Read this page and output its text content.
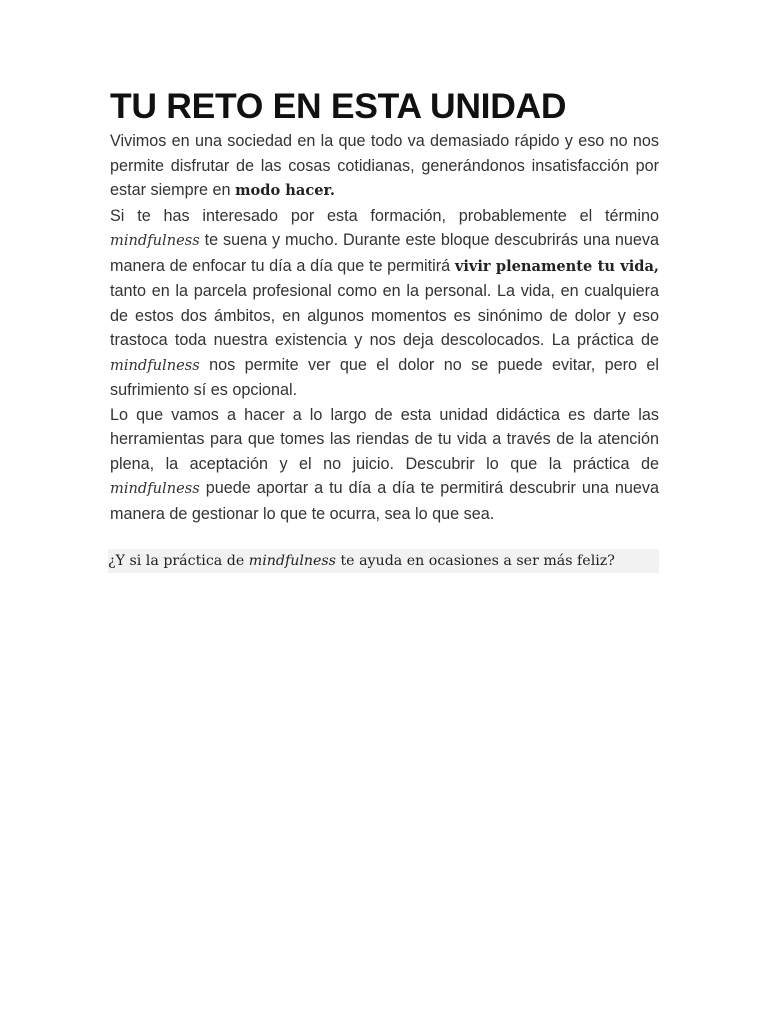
TU RETO EN ESTA UNIDAD

Vivimos en una sociedad en la que todo va demasiado rápido y eso no nos permite disfrutar de las cosas cotidianas, generándonos insatisfacción por estar siempre en modo hacer.

Si te has interesado por esta formación, probablemente el término mindfulness te suena y mucho. Durante este bloque descubrirás una nueva manera de enfocar tu día a día que te permitirá vivir plenamente tu vida, tanto en la parcela profesional como en la personal. La vida, en cualquiera de estos dos ámbitos, en algunos momentos es sinónimo de dolor y eso trastoca toda nuestra existencia y nos deja descolocados. La práctica de mindfulness nos permite ver que el dolor no se puede evitar, pero el sufrimiento sí es opcional.

Lo que vamos a hacer a lo largo de esta unidad didáctica es darte las herramientas para que tomes las riendas de tu vida a través de la atención plena, la aceptación y el no juicio. Descubrir lo que la práctica de mindfulness puede aportar a tu día a día te permitirá descubrir una nueva manera de gestionar lo que te ocurra, sea lo que sea.

¿Y si la práctica de mindfulness te ayuda en ocasiones a ser más feliz?
